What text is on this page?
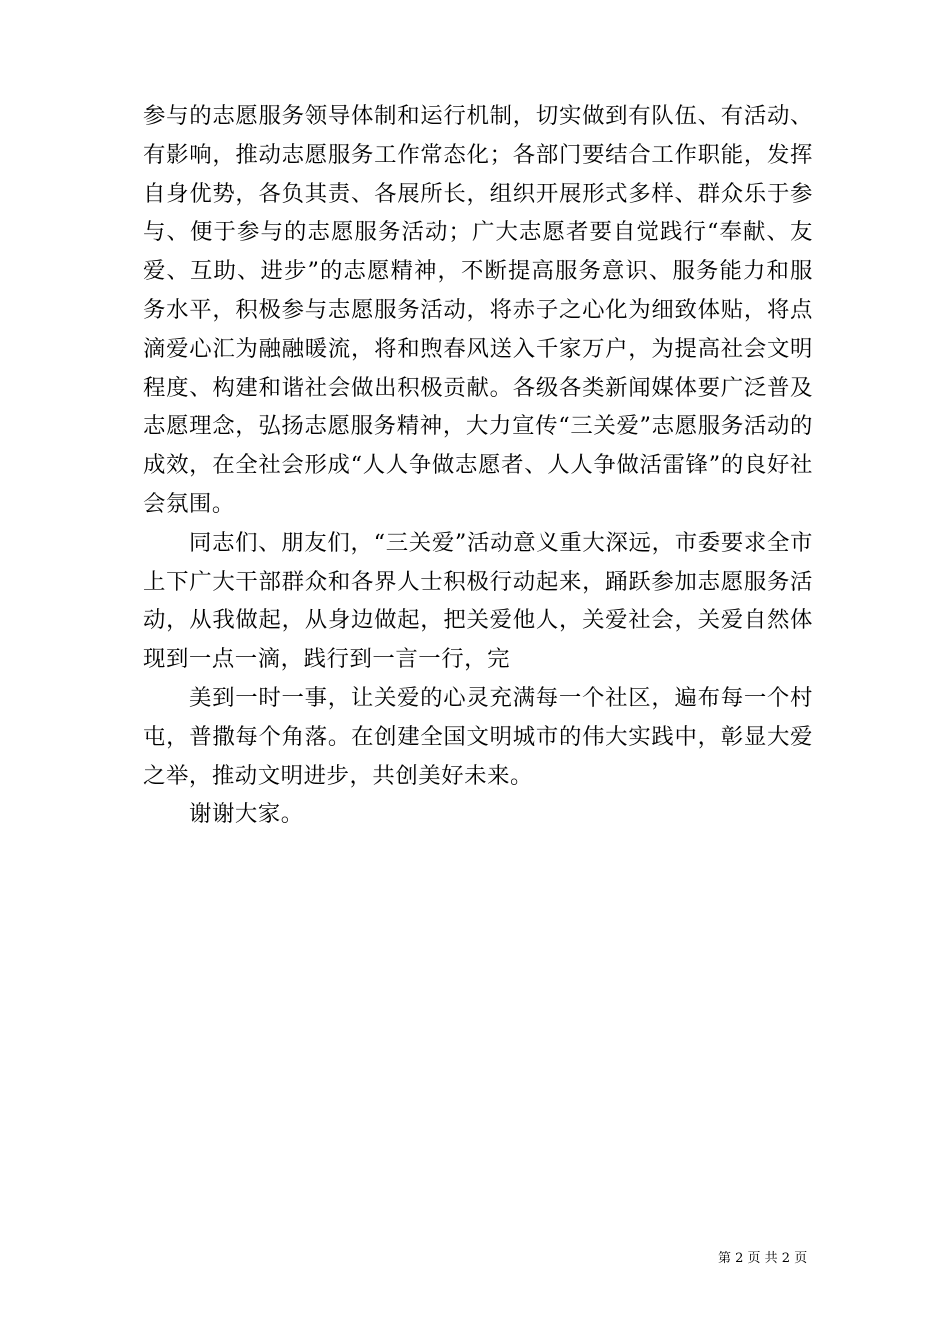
参与的志愿服务领导体制和运行机制，切实做到有队伍、有活动、有影响，推动志愿服务工作常态化；各部门要结合工作职能，发挥自身优势，各负其责、各展所长，组织开展形式多样、群众乐于参与、便于参与的志愿服务活动；广大志愿者要自觉践行“奉献、友爱、互助、进步”的志愿精神，不断提高服务意识、服务能力和服务水平，积极参与志愿服务活动，将赤子之心化为细致体贴，将点滴爱心汇为融融暖流，将和煦春风送入千家万户，为提高社会文明程度、构建和谐社会做出积极贡献。各级各类新闻媒体要广泛普及志愿理念，弘扬志愿服务精神，大力宣传“三关爱”志愿服务活动的成效，在全社会形成“人人争做志愿者、人人争做活雷锋”的良好社会氛围。

同志们、朋友们，“三关爱”活动意义重大深远，市委要求全市上下广大干部群众和各界人士积极行动起来，踊跃参加志愿服务活动，从我做起，从身边做起，把关爱他人，关爱社会，关爱自然体现到一点一滴，践行到一言一行，完

美到一时一事，让关爱的心灵充满每一个社区，遍布每一个村屯，普撒每个角落。在创建全国文明城市的伟大实践中，彰显大爱之举，推动文明进步，共创美好未来。

谢谢大家。

第 2 页 共 2 页
